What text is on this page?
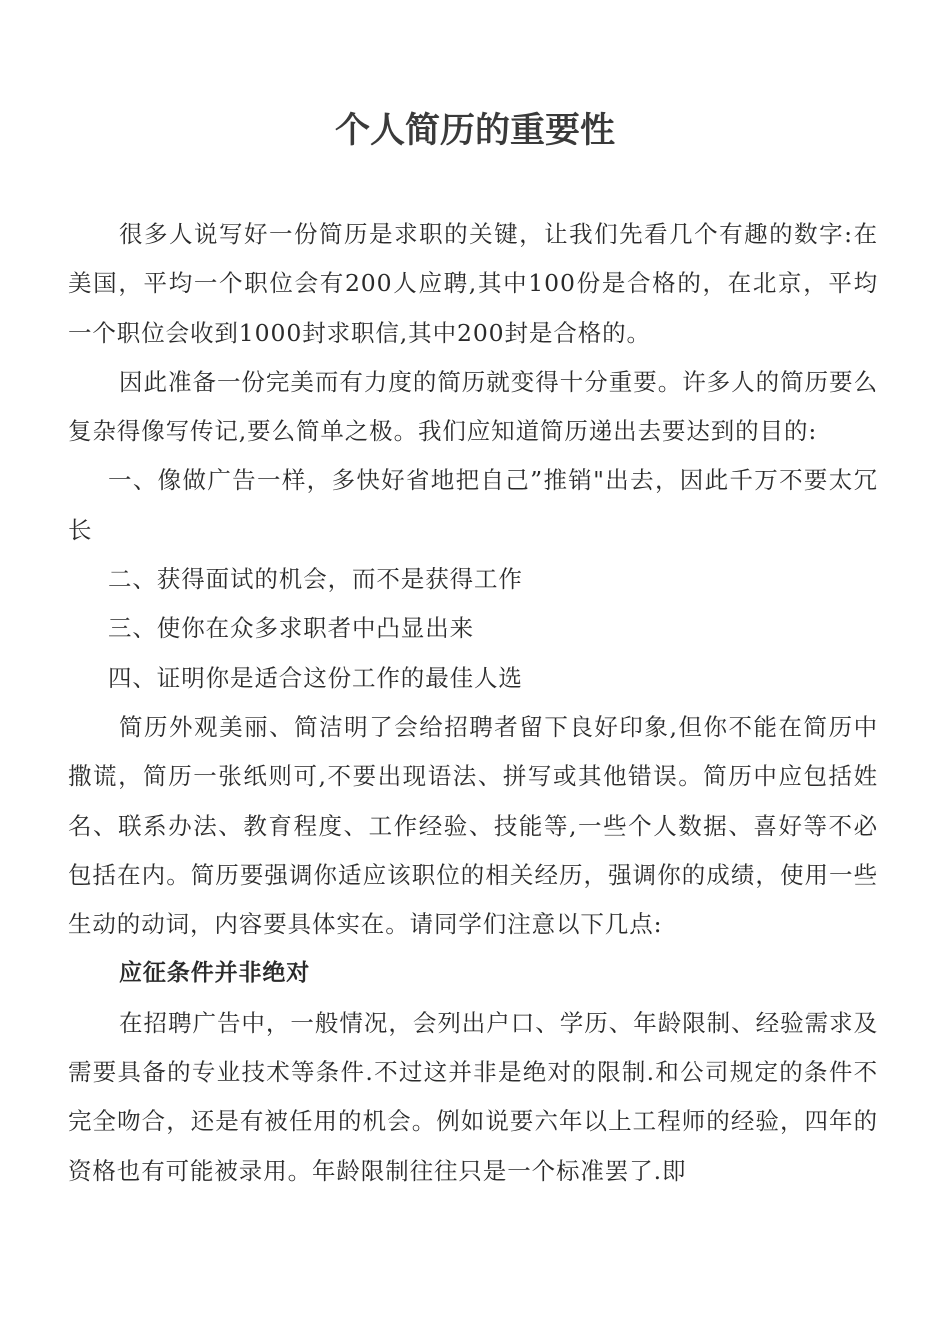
个人简历的重要性

很多人说写好一份简历是求职的关键，让我们先看几个有趣的数字:在美国，平均一个职位会有200人应聘,其中100份是合格的，在北京，平均一个职位会收到1000封求职信,其中200封是合格的。

因此准备一份完美而有力度的简历就变得十分重要。许多人的简历要么复杂得像写传记,要么简单之极。我们应知道简历递出去要达到的目的:

一、像做广告一样，多快好省地把自己”推销"出去，因此千万不要太冗长

二、获得面试的机会，而不是获得工作

三、使你在众多求职者中凸显出来

四、证明你是适合这份工作的最佳人选

简历外观美丽、简洁明了会给招聘者留下良好印象,但你不能在简历中撒谎，简历一张纸则可,不要出现语法、拼写或其他错误。简历中应包括姓名、联系办法、教育程度、工作经验、技能等,一些个人数据、喜好等不必包括在内。简历要强调你适应该职位的相关经历，强调你的成绩，使用一些生动的动词，内容要具体实在。请同学们注意以下几点:

应征条件并非绝对

在招聘广告中，一般情况，会列出户口、学历、年龄限制、经验需求及需要具备的专业技术等条件.不过这并非是绝对的限制.和公司规定的条件不完全吻合，还是有被任用的机会。例如说要六年以上工程师的经验，四年的资格也有可能被录用。年龄限制往往只是一个标准罢了.即
